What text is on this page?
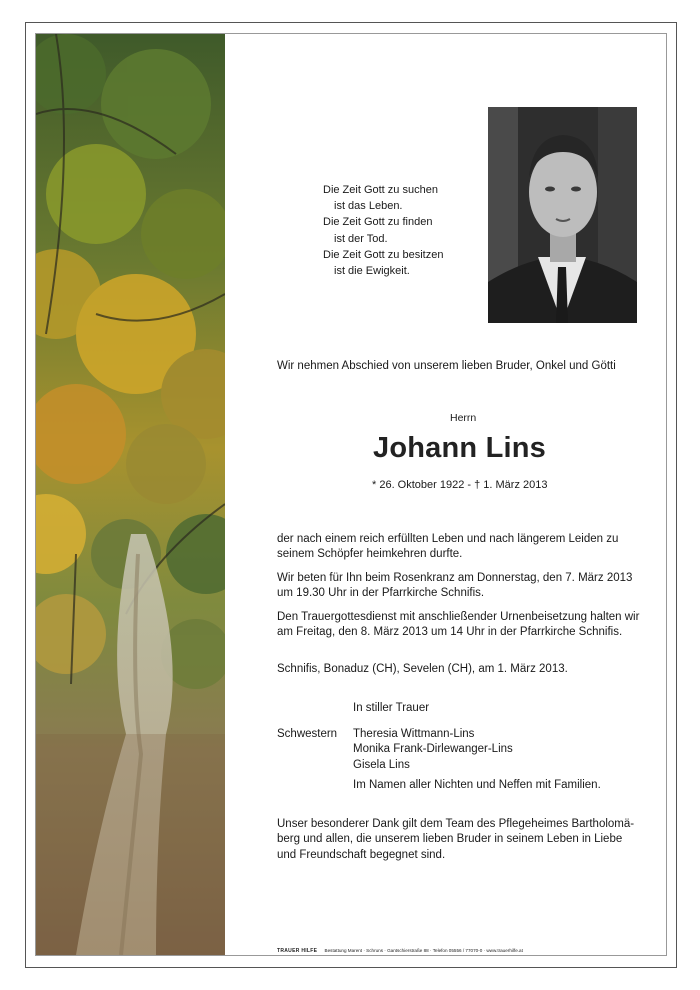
Die Zeit Gott zu suchen
ist das Leben.
Die Zeit Gott zu finden
ist der Tod.
Die Zeit Gott zu besitzen
ist die Ewigkeit.
Wir nehmen Abschied von unserem lieben Bruder, Onkel und Götti
Herrn
Johann Lins
* 26. Oktober 1922 - † 1. März 2013
der nach einem reich erfüllten Leben und nach längerem Leiden zu
seinem Schöpfer heimkehren durfte.
Wir beten für Ihn beim Rosenkranz am Donnerstag, den 7. März 2013
um 19.30 Uhr in der Pfarrkirche Schnifis.
Den Trauergottesdienst mit anschließender Urnenbeisetzung halten wir
am Freitag, den 8. März 2013 um 14 Uhr in der Pfarrkirche Schnifis.
Schnifis, Bonaduz (CH), Sevelen (CH), am 1. März 2013.
In stiller Trauer
Schwestern Theresia Wittmann-Lins
Monika Frank-Dirlewanger-Lins
Gisela Lins
Im Namen aller Nichten und Neffen mit Familien.
Unser besonderer Dank gilt dem Team des Pflegeheimes Bartholomä-
berg und allen, die unserem lieben Bruder in seinem Leben in Liebe
und Freundschaft begegnet sind.
TRAUER HILFE Bestattung Marent · Schruns · Gantschierstraße 88 · Telefon 05556 / 77070-0 · www.trauerhilfe.at
